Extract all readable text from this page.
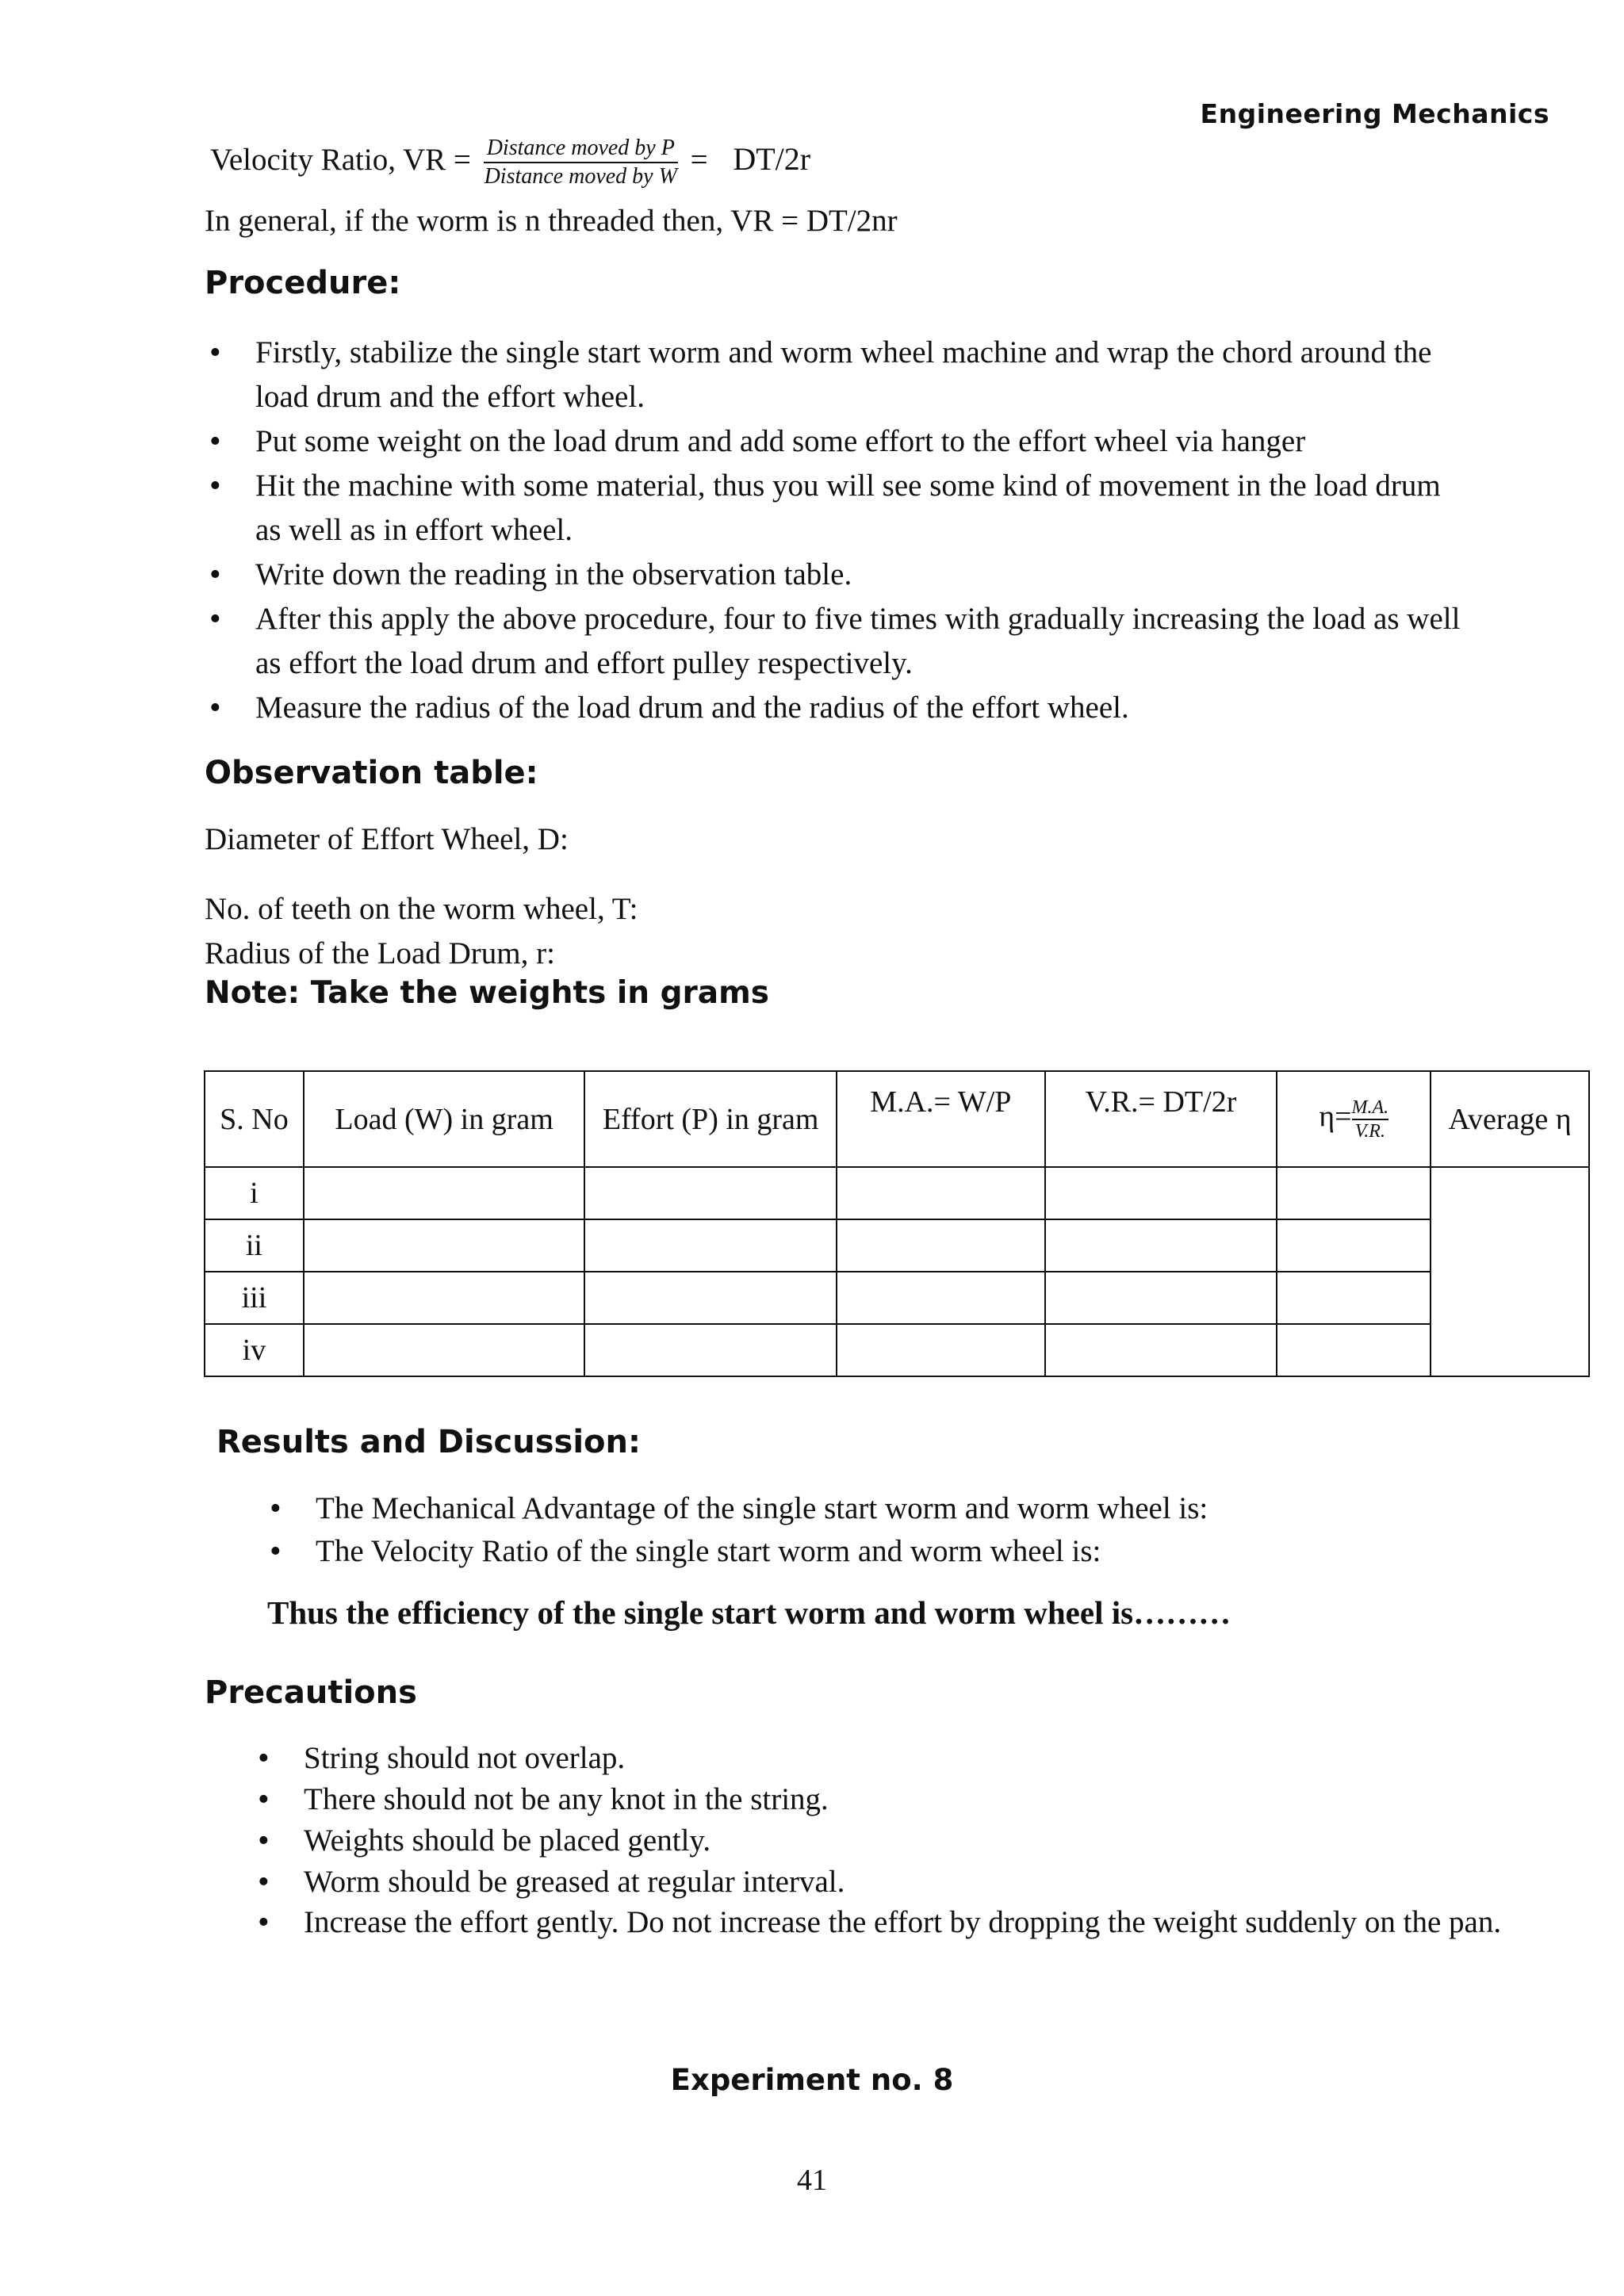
Engineering Mechanics
Velocity Ratio, VR = $\frac{\text{Distance moved by P}}{\text{Distance moved by W}} = DT/2r$
In general, if the worm is n threaded then, VR = DT/2nr
Procedure:
• Firstly, stabilize the single start worm and worm wheel machine and wrap the chord around the load drum and the effort wheel.
• Put some weight on the load drum and add some effort to the effort wheel via hanger
• Hit the machine with some material, thus you will see some kind of movement in the load drum as well as in effort wheel.
• Write down the reading in the observation table.
• After this apply the above procedure, four to five times with gradually increasing the load as well as effort the load drum and effort pulley respectively.
• Measure the radius of the load drum and the radius of the effort wheel.
Observation table:
Diameter of Effort Wheel, D:
No. of teeth on the worm wheel, T:
Radius of the Load Drum, r:
Note: Take the weights in grams
S. No	Load (W) in gram	Effort (P) in gram	M.A.= W/P	V.R.= DT/2r	$\eta= \frac{M.A.}{V.R.}$	Average η
i						
ii						
iii						
iv						
Results and Discussion:
• The Mechanical Advantage of the single start worm and worm wheel is:
• The Velocity Ratio of the single start worm and worm wheel is:
Thus the efficiency of the single start worm and worm wheel is………
Precautions
• String should not overlap.
• There should not be any knot in the string.
• Weights should be placed gently.
• Worm should be greased at regular interval.
• Increase the effort gently. Do not increase the effort by dropping the weight suddenly on the pan.
Experiment no. 8
41
